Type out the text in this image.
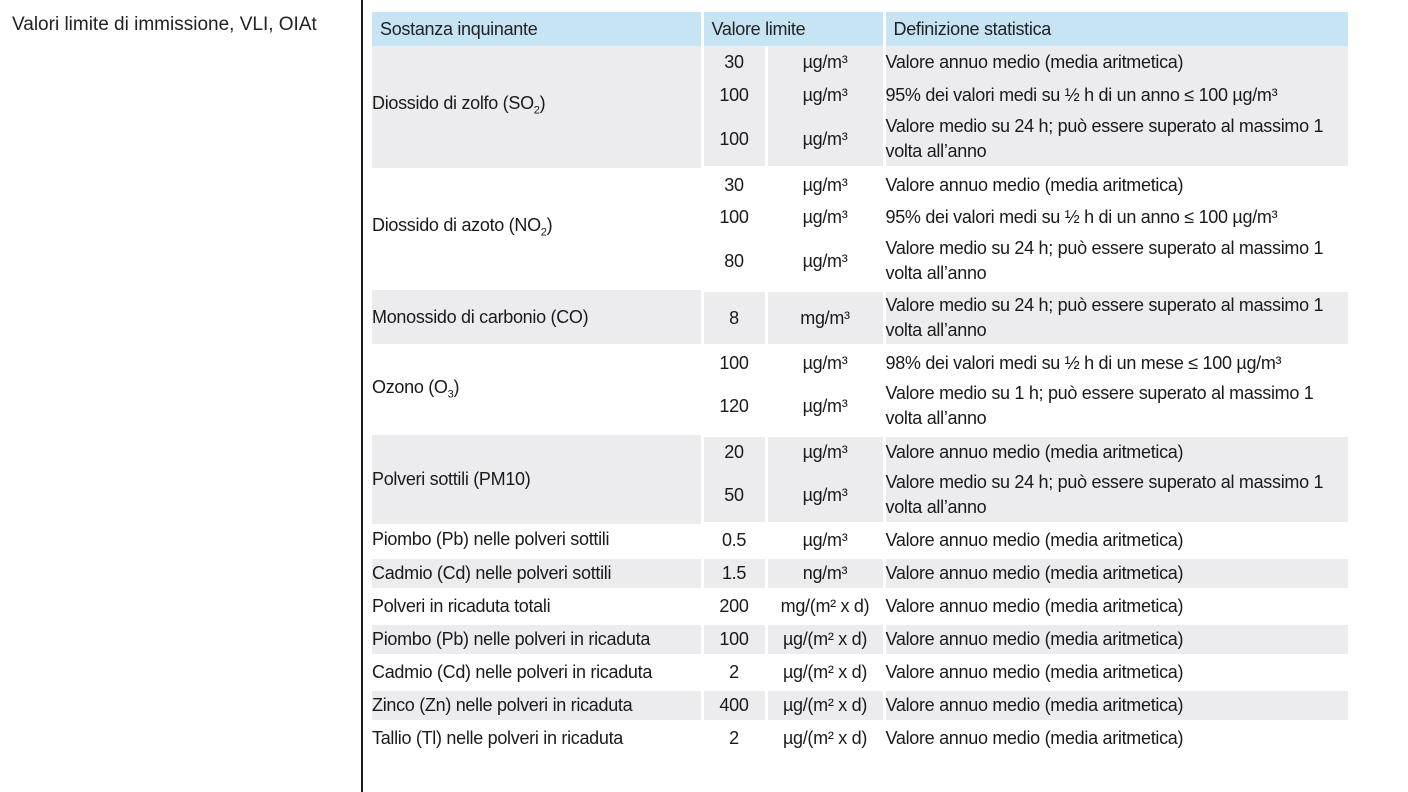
Valori limite di immissione, VLI, OIAt	Sostanza inquinante	Valore limite		Definizione statistica
Diossido di zolfo $(SO_2)$	30	µg/m³	Valore annuo medio (media aritmetica)
	100	µg/m³	95% dei valori medi su ½ h di un anno ≤ 100 µg/m³
	100	µg/m³	Valore medio su 24 h; può essere superato al massimo 1 volta all’anno
Diossido di azoto $(NO_2)$	30	µg/m³	Valore annuo medio (media aritmetica)
	100	µg/m³	95% dei valori medi su ½ h di un anno ≤ 100 µg/m³
	80	µg/m³	Valore medio su 24 h; può essere superato al massimo 1 volta all’anno
Monossido di carbonio (CO)	8	mg/m³	Valore medio su 24 h; può essere superato al massimo 1 volta all’anno
Ozono $(O_3)$	100	µg/m³	98% dei valori medi su ½ h di un mese ≤ 100 µg/m³
	120	µg/m³	Valore medio su 1 h; può essere superato al massimo 1 volta all’anno
Polveri sottili (PM10)	20	µg/m³	Valore annuo medio (media aritmetica)
	50	µg/m³	Valore medio su 24 h; può essere superato al massimo 1 volta all’anno
Piombo (Pb) nelle polveri sottili	0.5	µg/m³	Valore annuo medio (media aritmetica)
Cadmio (Cd) nelle polveri sottili	1.5	ng/m³	Valore annuo medio (media aritmetica)
Polveri in ricaduta totali	200	mg/(m² x d)	Valore annuo medio (media aritmetica)
Piombo (Pb) nelle polveri in ricaduta	100	µg/(m² x d)	Valore annuo medio (media aritmetica)
Cadmio (Cd) nelle polveri in ricaduta	2	µg/(m² x d)	Valore annuo medio (media aritmetica)
Zinco (Zn) nelle polveri in ricaduta	400	µg/(m² x d)	Valore annuo medio (media aritmetica)
Tallio (Tl) nelle polveri in ricaduta	2	µg/(m² x d)	Valore annuo medio (media aritmetica)
